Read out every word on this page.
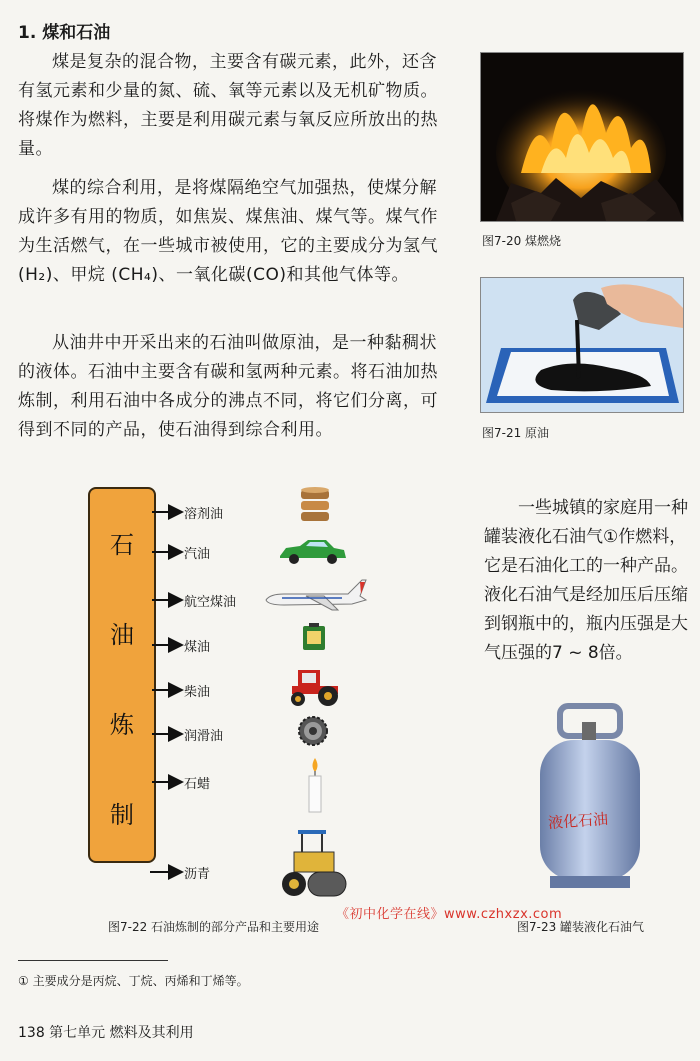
1. 煤和石油

煤是复杂的混合物，主要含有碳元素，此外，还含有氢元素和少量的氮、硫、氧等元素以及无机矿物质。将煤作为燃料，主要是利用碳元素与氧反应所放出的热量。

煤的综合利用，是将煤隔绝空气加强热，使煤分解成许多有用的物质，如焦炭、煤焦油、煤气等。煤气作为生活燃气，在一些城市被使用，它的主要成分为氢气(H₂)、甲烷 (CH₄)、一氧化碳(CO)和其他气体等。

从油井中开采出来的石油叫做原油，是一种黏稠状的液体。石油中主要含有碳和氢两种元素。将石油加热炼制，利用石油中各成分的沸点不同，将它们分离，可得到不同的产品，使石油得到综合利用。

图7-20 煤燃烧
图7-21 原油

一些城镇的家庭用一种罐装液化石油气①作燃料，它是石油化工的一种产品。液化石油气是经加压后压缩到钢瓶中的，瓶内压强是大气压强的7 ~ 8倍。

石
油
炼
制
溶剂油
汽油
航空煤油
煤油
柴油
润滑油
石蜡
沥青
图7-22 石油炼制的部分产品和主要用途
液化石油
《初中化学在线》www.czhxzx.com
图7-23 罐装液化石油气
① 主要成分是丙烷、丁烷、丙烯和丁烯等。
138 第七单元 燃料及其利用
